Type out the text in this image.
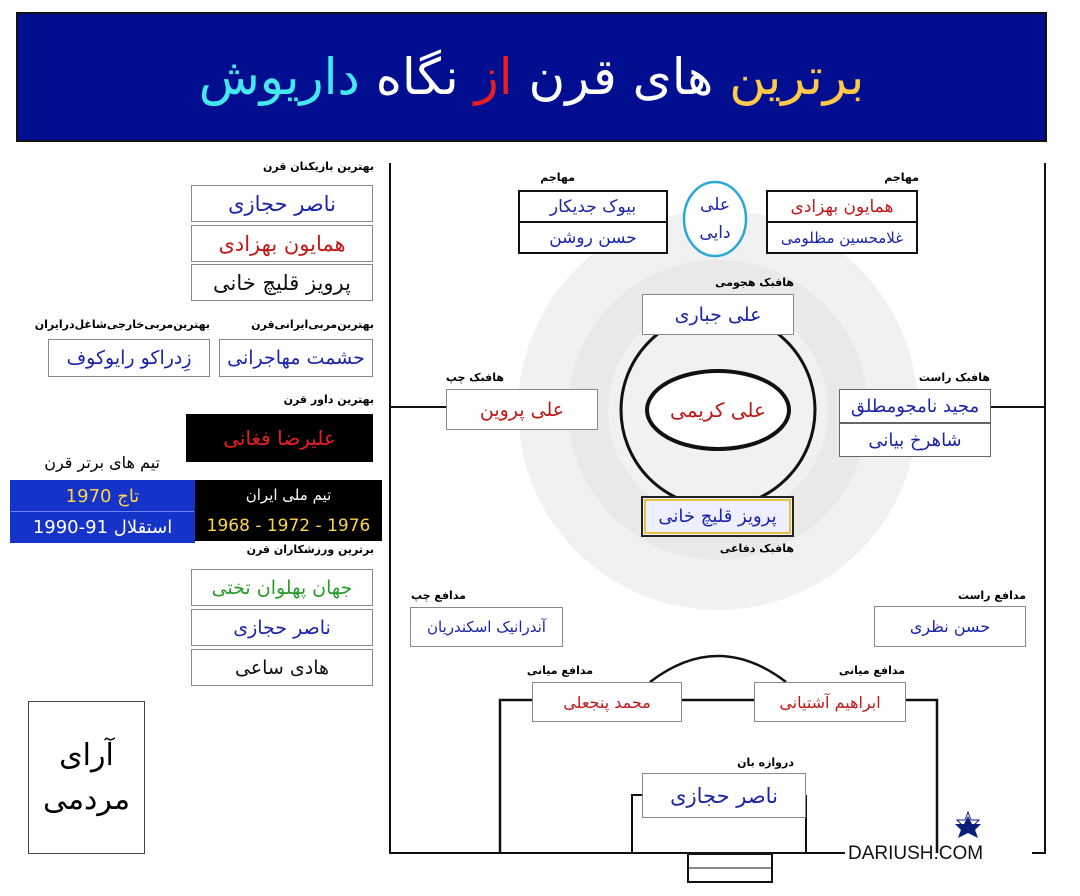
برترین های قرن از نگاه داریوش
بهترین بازیکنان قرن
ناصر حجازی
همایون بهزادی
پرویز قلیچ خانی
بهترین‌مربی‌ایرانی‌قرن
بهترین‌مربی‌خارجی‌شاغل‌در‌ایران
حشمت مهاجرانی
زِدراکو رایوکوف
بهترین داور قرن
علیرضا فغانی
تیم های برتر قرن
تاج 1970
استقلال 91-1990
تیم ملی ایران
1968 - 1972 - 1976
برترین ورزشکاران قرن
جهان پهلوان تختی
ناصر حجازی
هادی ساعی
آرای مردمی
مهاجم
بیوک جدیکار
حسن روشن
مهاجم
همایون بهزادی
غلامحسین مظلومی
علی
دایی
هافبک هجومی
علی جباری
هافبک چپ
علی پروین	علی کریمی
هافبک راست
مجید نامجومطلق
شاهرخ بیانی
پرویز قلیچ خانی
هافبک دفاعی
مدافع چپ
آندرانیک اسکندریان
مدافع راست
حسن نظری
مدافع میانی
محمد پنجعلی
مدافع میانی
ابراهیم آشتیانی
دروازه بان
ناصر حجازی
DARIUSH.COM
